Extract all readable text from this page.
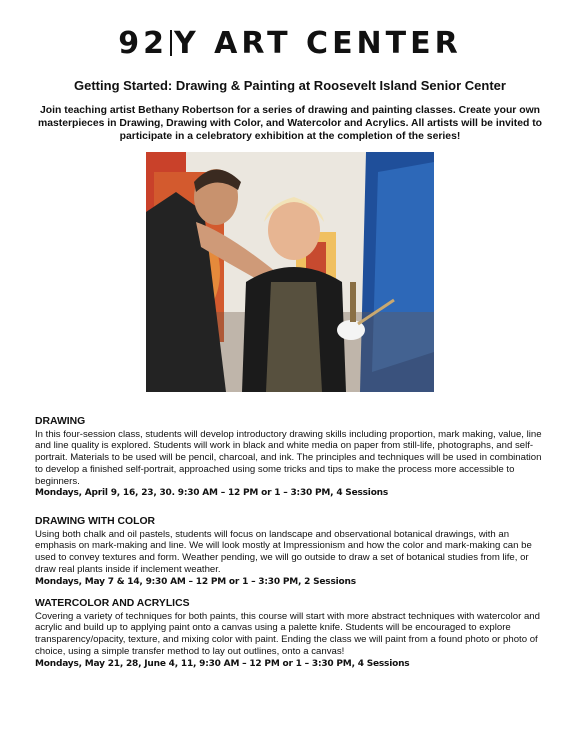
92 Y ART CENTER
Getting Started: Drawing & Painting at Roosevelt Island Senior Center
Join teaching artist Bethany Robertson for a series of drawing and painting classes. Create your own masterpieces in Drawing, Drawing with Color, and Watercolor and Acrylics. All artists will be invited to participate in a celebratory exhibition at the completion of the series!
DRAWING

In this four-session class, students will develop introductory drawing skills including proportion, mark making, value, line and line quality is explored. Students will work in black and white media on paper from still-life, photographs, and self-portrait. Materials to be used will be pencil, charcoal, and ink. The principles and techniques will be used in combination to develop a finished self-portrait, approached using some tricks and tips to make the process more accessible to beginners.

Mondays, April 9, 16, 23, 30. 9:30 AM – 12 PM or 1 – 3:30 PM, 4 Sessions

DRAWING WITH COLOR

Using both chalk and oil pastels, students will focus on landscape and observational botanical drawings, with an emphasis on mark-making and line. We will look mostly at Impressionism and how the color and mark-making can be used to convey textures and form. Weather pending, we will go outside to draw a set of botanical studies from life, or draw real plants inside if inclement weather.

Mondays, May 7 & 14, 9:30 AM – 12 PM or 1 – 3:30 PM, 2 Sessions

WATERCOLOR AND ACRYLICS

Covering a variety of techniques for both paints, this course will start with more abstract techniques with watercolor and acrylic and build up to applying paint onto a canvas using a palette knife. Students will be encouraged to explore transparency/opacity, texture, and mixing color with paint. Ending the class we will paint from a found photo or photo of choice, using a simple transfer method to lay out outlines, onto a canvas!

Mondays, May 21, 28, June 4, 11, 9:30 AM – 12 PM or 1 – 3:30 PM, 4 Sessions
